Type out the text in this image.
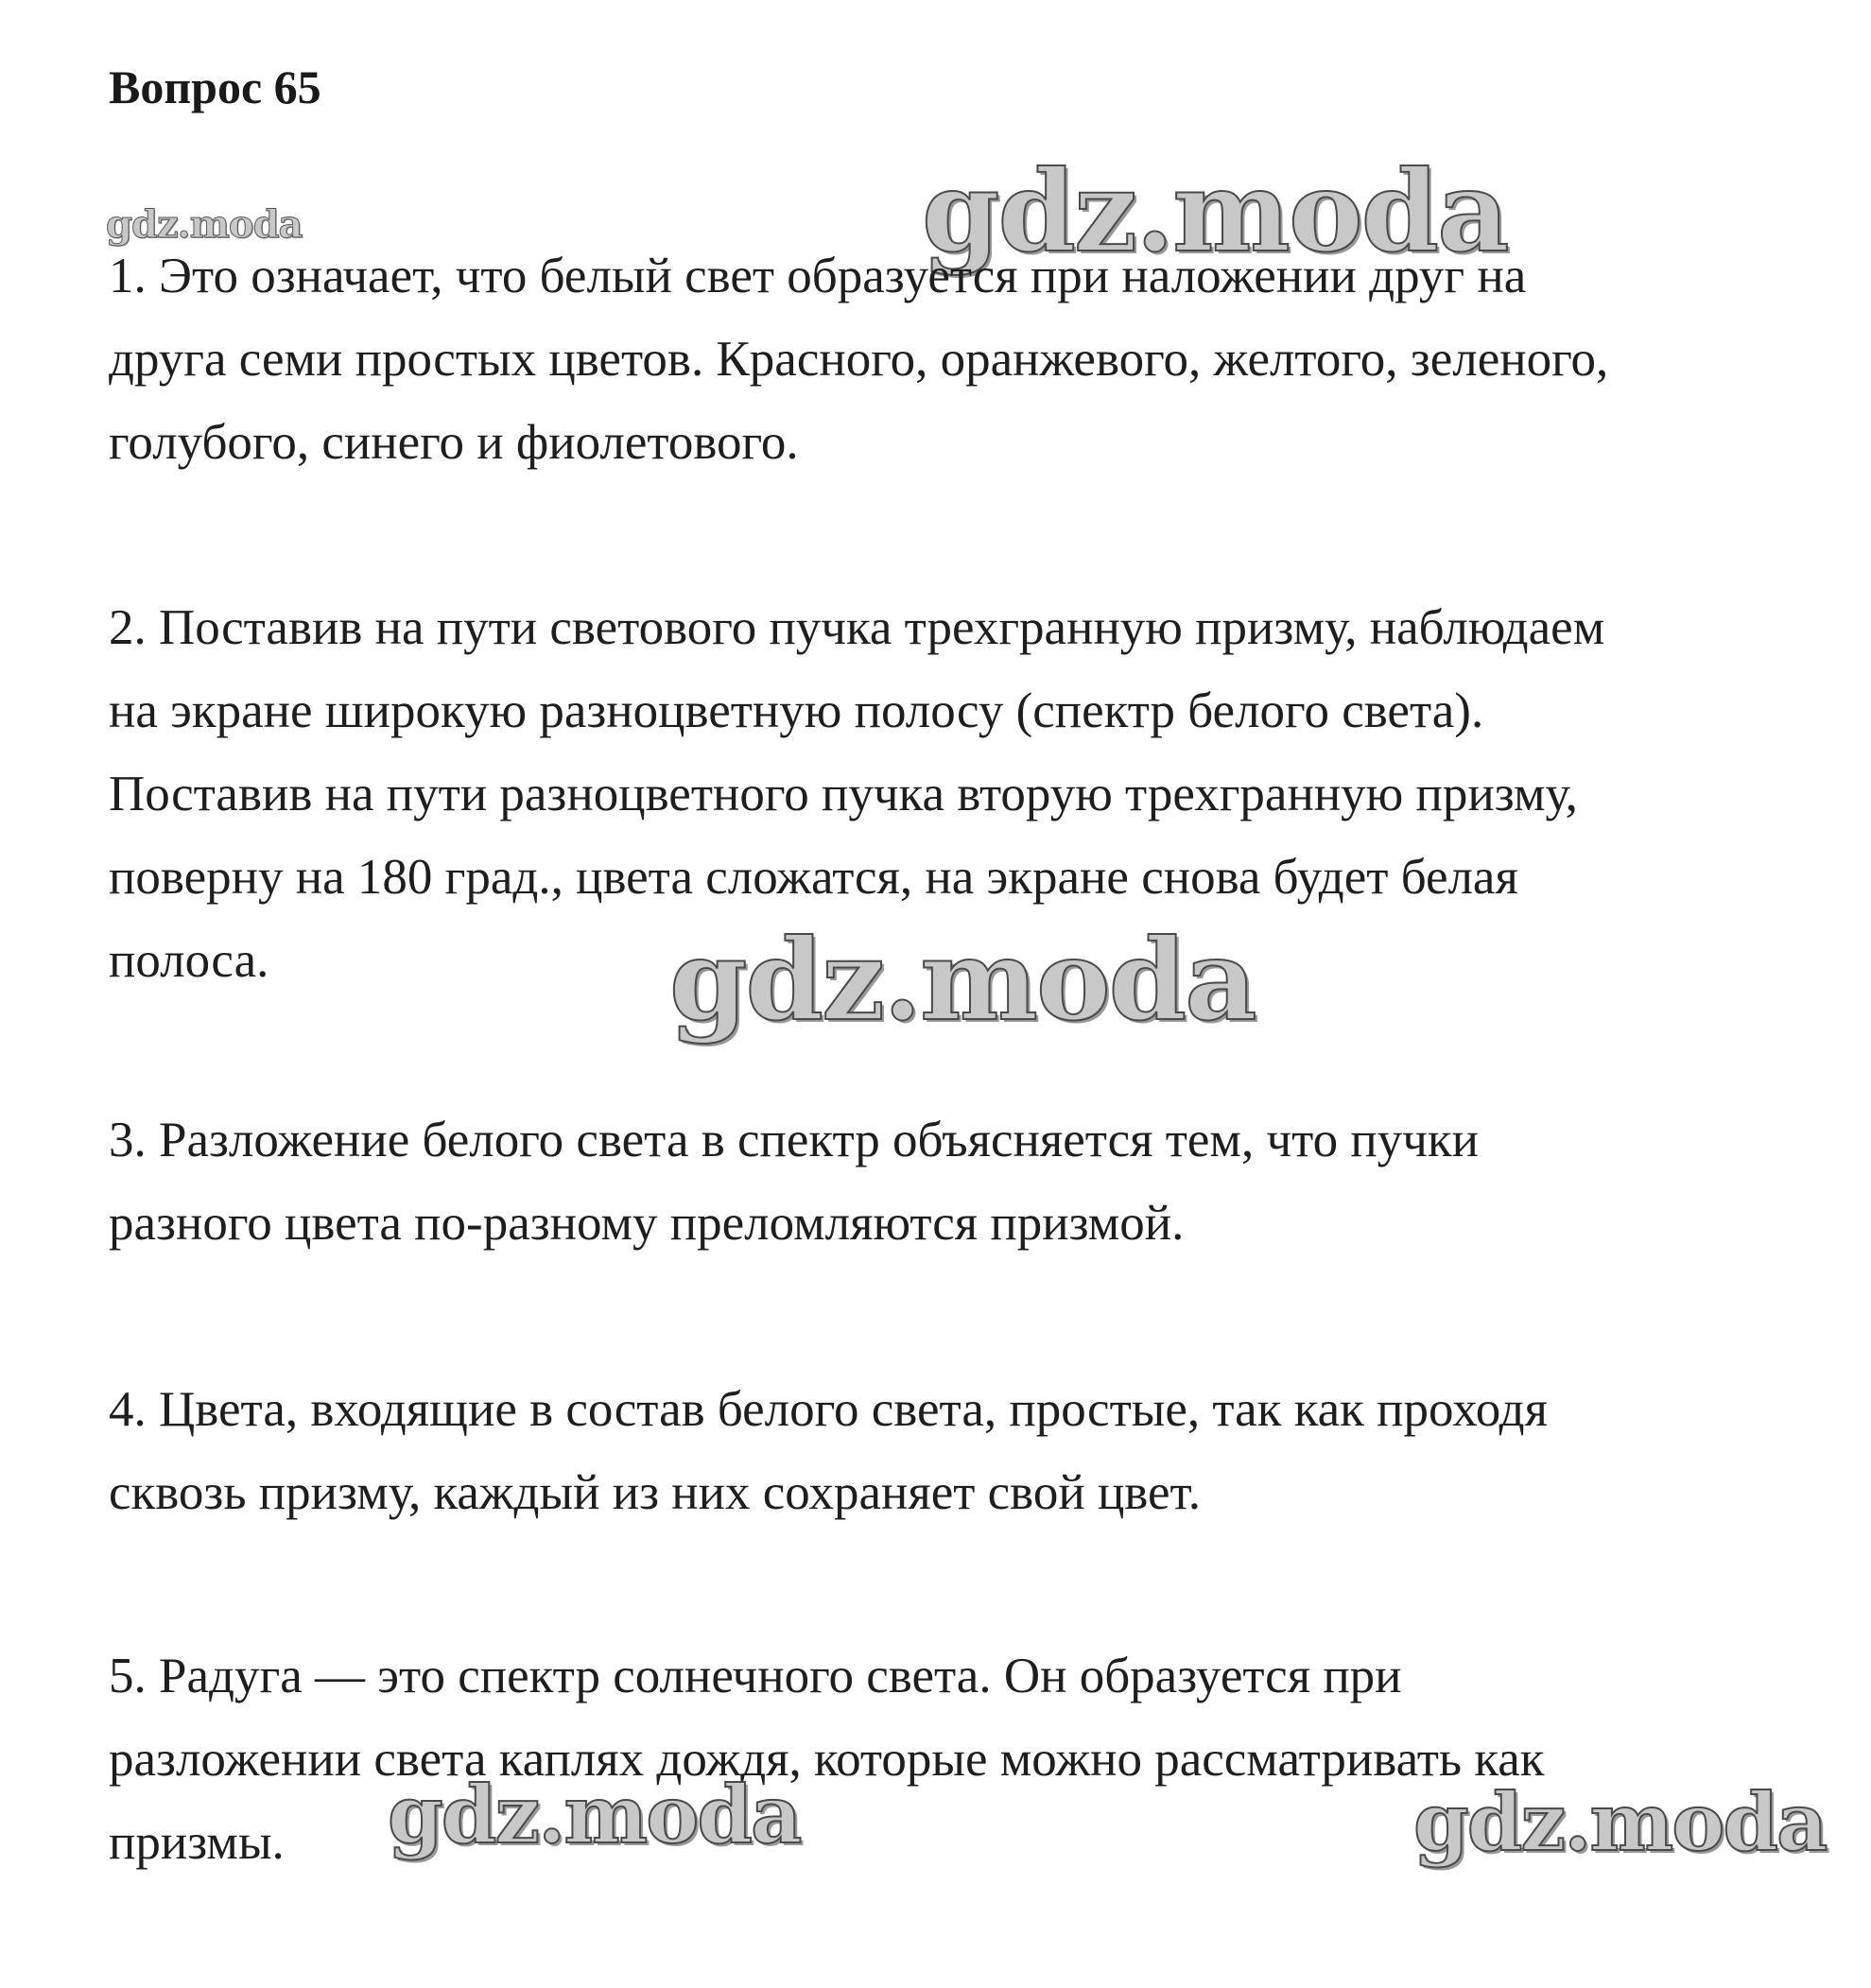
Вопрос 65
gdz.moda	gdz.moda
1. Это означает, что белый свет образуется при наложении друг на
друга семи простых цветов. Красного, оранжевого, желтого, зеленого,
голубого, синего и фиолетового.
2. Поставив на пути светового пучка трехгранную призму, наблюдаем
на экране широкую разноцветную полосу (спектр белого света).
Поставив на пути разноцветного пучка вторую трехгранную призму,
поверну на 180 град., цвета сложатся, на экране снова будет белая
полоса.	gdz.moda
3. Разложение белого света в спектр объясняется тем, что пучки
разного цвета по-разному преломляются призмой.
4. Цвета, входящие в состав белого света, простые, так как проходя
сквозь призму, каждый из них сохраняет свой цвет.
5. Радуга — это спектр солнечного света. Он образуется при
разложении света каплях дождя, которые можно рассматривать как
призмы.	gdz.moda	gdz.moda
